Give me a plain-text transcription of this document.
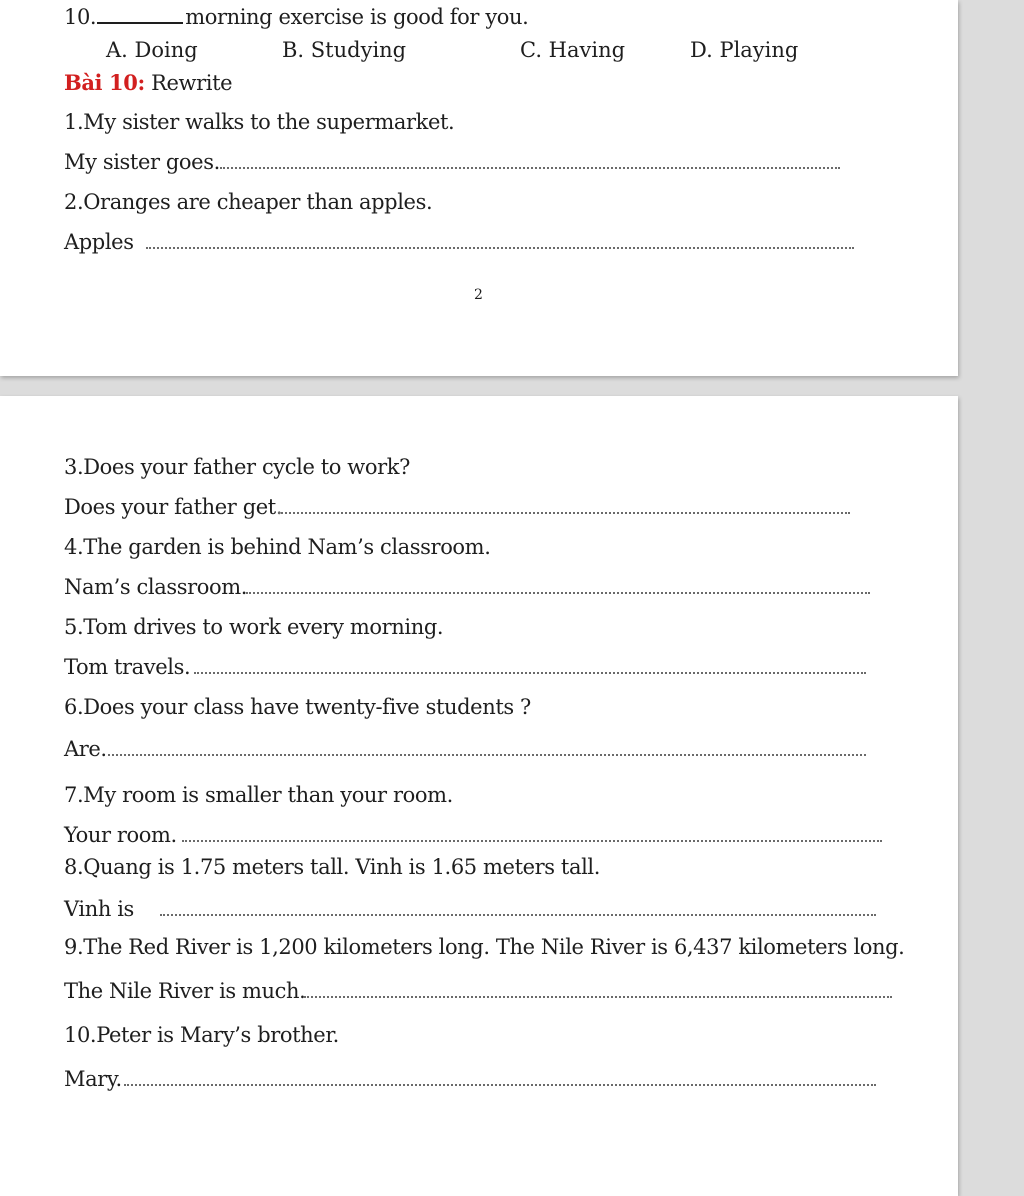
10.	morning exercise is good for you.
A. Doing	B. Studying	C. Having	D. Playing
Bài 10: Rewrite
1.My sister walks to the supermarket.
My sister goes.
2.Oranges are cheaper than apples.
Apples
2
3.Does your father cycle to work?
Does your father get.
4.The garden is behind Nam’s classroom.
Nam’s classroom.
5.Tom drives to work every morning.
Tom travels.
6.Does your class have twenty-five students ?
Are.
7.My room is smaller than your room.
Your room.
8.Quang is 1.75 meters tall. Vinh is 1.65 meters tall.
Vinh is
9.The Red River is 1,200 kilometers long. The Nile River is 6,437 kilometers long.
The Nile River is much.
10.Peter is Mary’s brother.
Mary.
